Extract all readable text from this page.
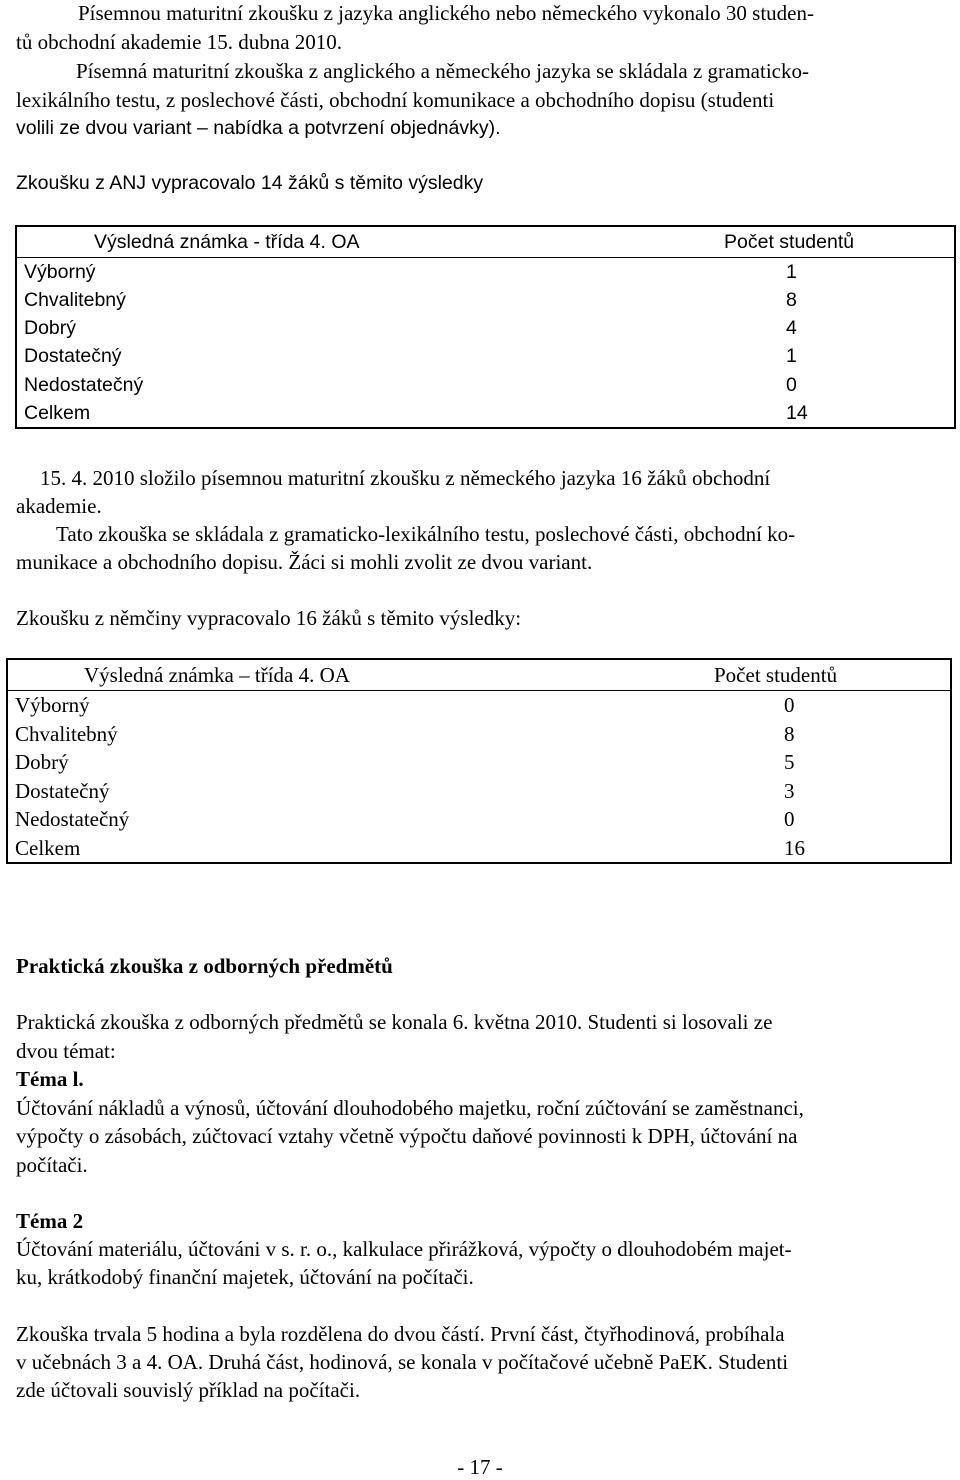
Písemnou maturitní zkoušku z jazyka anglického nebo německého vykonalo 30 studen-

tů obchodní akademie 15. dubna 2010.

Písemná maturitní zkouška z anglického a německého jazyka se skládala z gramaticko-

lexikálního testu, z poslechové části, obchodní komunikace a obchodního dopisu (studenti

volili ze dvou variant – nabídka a potvrzení objednávky).

Zkoušku z ANJ vypracovalo 14 žáků s těmito výsledky

Výsledná známka - třída 4. OA	Počet studentů
Výborný	1
Chvalitebný	8
Dobrý	4
Dostatečný	1
Nedostatečný	0
Celkem	14

15. 4. 2010 složilo písemnou maturitní zkoušku z německého jazyka 16 žáků obchodní

akademie.

Tato zkouška se skládala z gramaticko-lexikálního testu, poslechové části, obchodní ko-

munikace a obchodního dopisu. Žáci si mohli zvolit ze dvou variant.

Zkoušku z němčiny vypracovalo 16 žáků s těmito výsledky:

Výsledná známka – třída 4. OA	Počet studentů
Výborný	0
Chvalitebný	8
Dobrý	5
Dostatečný	3
Nedostatečný	0
Celkem	16

Praktická zkouška z odborných předmětů

Praktická zkouška z odborných předmětů se konala 6. května 2010. Studenti si losovali ze

dvou témat:

Téma l.

Účtování nákladů a výnosů, účtování dlouhodobého majetku, roční zúčtování se zaměstnanci,

výpočty o zásobách, zúčtovací vztahy včetně výpočtu daňové povinnosti k DPH, účtování na

počítači.

Téma 2

Účtování materiálu, účtováni v s. r. o., kalkulace přirážková, výpočty o dlouhodobém majet-

ku, krátkodobý finanční majetek, účtování na počítači.

Zkouška trvala 5 hodina a byla rozdělena do dvou částí. První část, čtyřhodinová, probíhala

v učebnách 3 a 4. OA. Druhá část, hodinová, se konala v počítačové učebně PaEK. Studenti

zde účtovali souvislý příklad na počítači.

- 17 -
